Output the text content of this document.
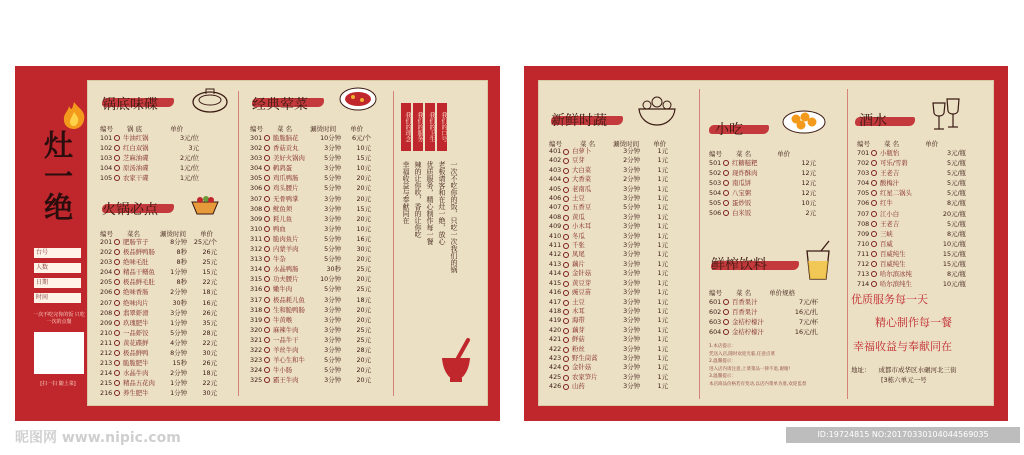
灶一绝
台号
人数
日期
时间
一次不吃完你的饭 只吃一次的点餐
[扫一扫 随上菜]
锅底味碟
编号 锅 底	单价
101 牛油红锅	3元/位
102 红白双锅	3元
103 芝麻油碟	2元/位
104 原汤油碟	1元/位
105 农家干碟	1元/位
火锅必点
编号 菜名	涮烫时间 单价
201 肥肠节子	8分钟	25元/个
202 极品鲜鸭肠	8秒	26元
203 绝味毛肚	8秒	25元
204 精品干鳝鱼	1分钟	15元
205 极品鲜毛肚	8秒	22元
206 绝味香肠	2分钟	18元
207 绝味肉片	30秒	16元
208 翡翠虾滑	3分钟	26元
209 玖瑰肥牛	1分钟	35元
210 一品虾饺	5分钟	28元
211 黄花碟鲜	4分钟	22元
212 极品鲜鸭	8分钟	30元
213 脆脆肥牛	15秒	26元
214 水晶牛肉	2分钟	18元
215 精品五花肉	1分钟	22元
216 养生肥牛	1分钟	30元
经典荤菜
编号 菜 名	涮烫时间 单价
301 脆脆脑花	10分钟	6元/个
302 香菇贡丸	3分钟	10元
303 美好火锅肉	5分钟	15元
304 鹌鹑蛋	3分钟	10元
305 鸡爪鸭肠	5分钟	20元
306 鸡头腰片	5分钟	20元
307 无骨鸭掌	3分钟	20元
308 鱿鱼须	3分钟	15元
309 耗儿鱼	3分钟	20元
310 鸭血	3分钟	10元
311 脆肉鱼片	5分钟	16元
312 内蒙羊肉	5分钟	30元
313 牛杂	5分钟	20元
314 水晶鸭肠	30秒	25元
315 功夫腰片	10分钟	20元
316 嫩牛肉	5分钟	25元
317 极品耗儿鱼	3分钟	18元
318 生和脆鸭肠	3分钟	20元
319 牛黄喉	3分钟	20元
320 麻辣牛肉	3分钟	25元
321 一品牛干	3分钟	25元
322 羊丝牛肉	3分钟	28元
323 羊心生和牛	5分钟	20元
324 牛小肠	5分钟	20元
325 霸王牛肉	3分钟	20元
我们的理念 我们的服务 我们的卫生 我们的口号
一次不吃你的饭，只吃一次我们的锅
老板请客和在灶一绝，放心
优质服务，精心制作每一餐
辣的让你吹，香的让你吃
幸福收益与奉献同在
新鲜时蔬
编号	菜 名	涮烫时间 单价
401 白萝卜	3分钟	1元
402 豆芽	2分钟	1元
403 大白菜	3分钟	1元
404 大香菜	2分钟	1元
405 老南瓜	3分钟	1元
406 土豆	3分钟	1元
407 五香豆	5分钟	1元
408 黄瓜	3分钟	1元
409 小木耳	3分钟	1元
410 冬瓜	3分钟	1元
411 千张	3分钟	1元
412 凤尾	3分钟	1元
413 藕片	3分钟	1元
414 金针菇	3分钟	1元
415 黄豆芽	3分钟	1元
416 豌豆苗	3分钟	1元
417 土豆	3分钟	1元
418 木耳	3分钟	1元
419 海带	3分钟	1元
420 藕芽	3分钟	1元
421 鲜菇	3分钟	1元
422 粉丝	3分钟	1元
423 野生茼蒿	3分钟	1元
424 金针菇	3分钟	1元
425 农家笋片	3分钟	1元
426 山药	3分钟	1元
小吃
编号 菜 名	单价
501 红糖糍粑	12元
502 现炸酥肉	12元
503 南瓜饼	12元
504 八宝粥	12元
505 蛋炒饭	10元
506 白米饭	2元
鲜榨饮料
编号 菜 名	单价规格
601 百香果汁	7元/杯
602 百香果汁	16元/扎
603 金桔柠檬汁	7元/杯
604 金桔柠檬汁	16元/扎
1.本店提示：
凭送入店,随时欢迎光临,任意点菜
2.温馨提示：
进入店内请注意,上菜菜品一律不退,谢谢!
3.温馨提示：
本店商品价格若有变动,以店内菜单为准,欢迎监督
酒水
编号 菜 名	单价
701 小瓶怡	3元/瓶
702 可乐/雪碧	5元/瓶
703 王老吉	5元/瓶
704 酸梅汁	5元/瓶
705 红星二锅头	5元/瓶
706 红牛	8元/瓶
707 江小白	20元/瓶
708 王老吉	5元/瓶
709 三峡	8元/瓶
710 百威	10元/瓶
711 百威纯生	15元/瓶
712 百威纯生	15元/瓶
713 哈尔滨冰纯	8元/瓶
714 哈尔滨纯生	10元/瓶
优质服务每一天
精心制作每一餐
幸福收益与奉献同在
地址： 成都市成华区水碾河北三街
[3栋六单元一号
昵图网 www.nipic.com	ID:19724815 NO:20170330104044569035
